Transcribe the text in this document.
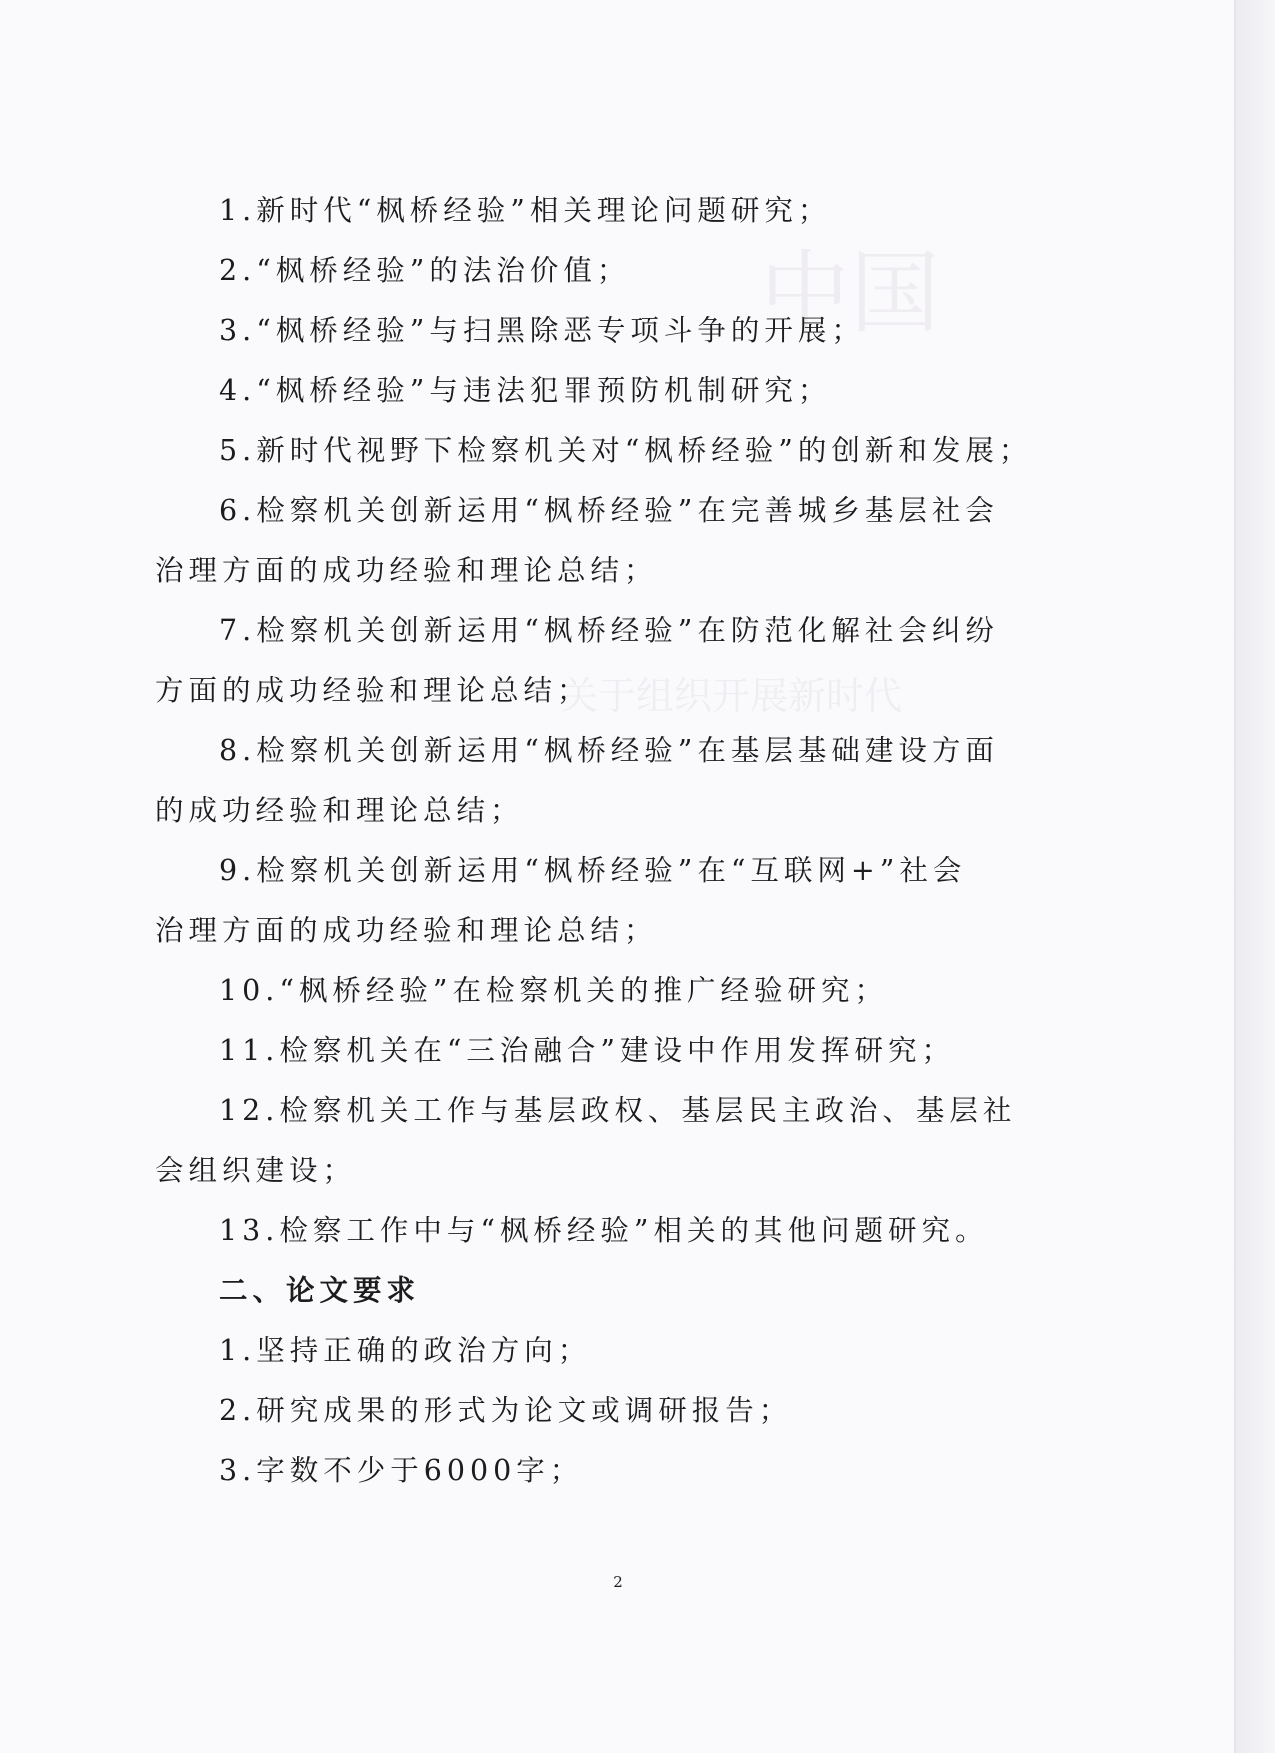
中国
关于组织开展新时代
1.新时代“枫桥经验”相关理论问题研究；
2.“枫桥经验”的法治价值；
3.“枫桥经验”与扫黑除恶专项斗争的开展；
4.“枫桥经验”与违法犯罪预防机制研究；
5.新时代视野下检察机关对“枫桥经验”的创新和发展；
6.检察机关创新运用“枫桥经验”在完善城乡基层社会
治理方面的成功经验和理论总结；
7.检察机关创新运用“枫桥经验”在防范化解社会纠纷
方面的成功经验和理论总结；
8.检察机关创新运用“枫桥经验”在基层基础建设方面
的成功经验和理论总结；
9.检察机关创新运用“枫桥经验”在“互联网+”社会
治理方面的成功经验和理论总结；
10.“枫桥经验”在检察机关的推广经验研究；
11.检察机关在“三治融合”建设中作用发挥研究；
12.检察机关工作与基层政权、基层民主政治、基层社
会组织建设；
13.检察工作中与“枫桥经验”相关的其他问题研究。
二、论文要求
1.坚持正确的政治方向；
2.研究成果的形式为论文或调研报告；
3.字数不少于6000字；
2
